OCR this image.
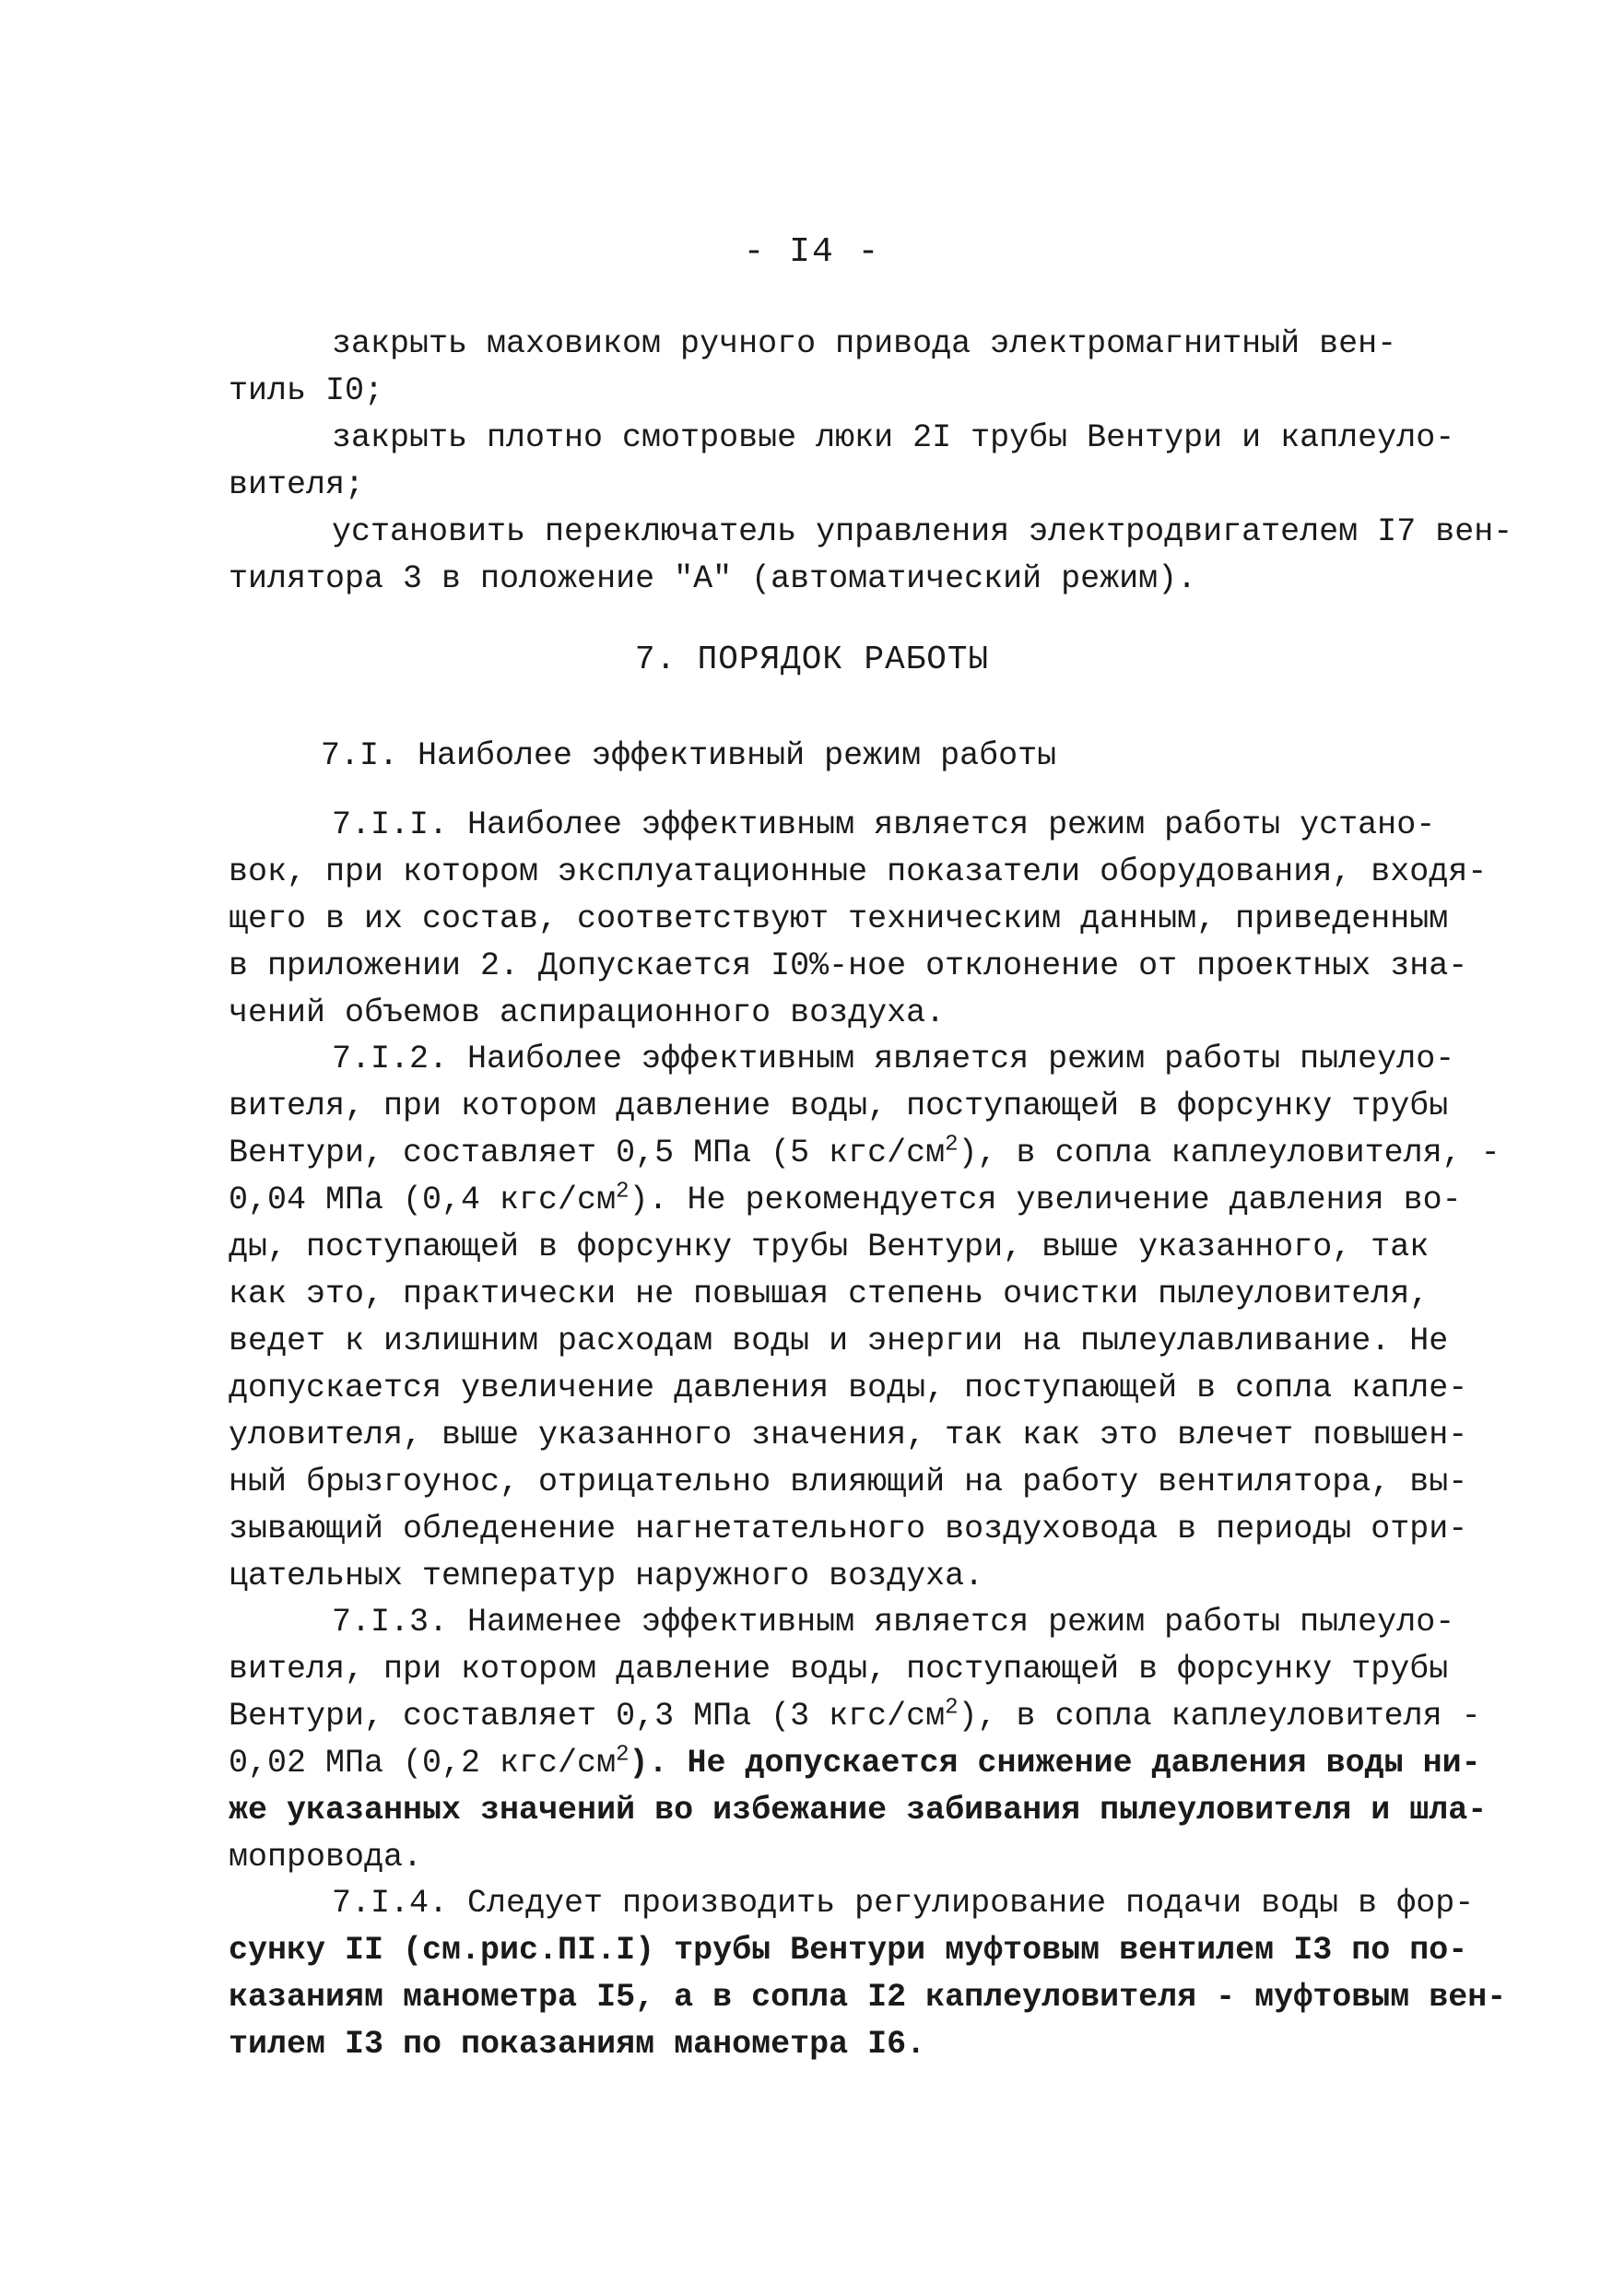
- I4 -
закрыть маховиком ручного привода электромагнитный вен-
тиль I0;
закрыть плотно смотровые люки 2I трубы Вентури и каплеуло-
вителя;
установить переключатель управления электродвигателем I7 вен-
тилятора 3 в положение "А" (автоматический режим).
7. ПОРЯДОК РАБОТЫ
7.I. Наиболее эффективный режим работы
7.I.I. Наиболее эффективным является режим работы устано-
вок, при котором эксплуатационные показатели оборудования, входя-
щего в их состав, соответствуют техническим данным, приведенным
в приложении 2. Допускается I0%-ное отклонение от проектных зна-
чений объемов аспирационного воздуха.
7.I.2. Наиболее эффективным является режим работы пылеуло-
вителя, при котором давление воды, поступающей в форсунку трубы
Вентури, составляет 0,5 МПа (5 кгс/$см^2$), в сопла каплеуловителя, -
0,04 МПа (0,4 кгс/$см^2$). Не рекомендуется увеличение давления во-
ды, поступающей в форсунку трубы Вентури, выше указанного, так
как это, практически не повышая степень очистки пылеуловителя,
ведет к излишним расходам воды и энергии на пылеулавливание. Не
допускается увеличение давления воды, поступающей в сопла капле-
уловителя, выше указанного значения, так как это влечет повышен-
ный брызгоунос, отрицательно влияющий на работу вентилятора, вы-
зывающий обледенение нагнетательного воздуховода в периоды отри-
цательных температур наружного воздуха.
7.I.3. Наименее эффективным является режим работы пылеуло-
вителя, при котором давление воды, поступающей в форсунку трубы
Вентури, составляет 0,3 МПа (3 кгс/$см^2$), в сопла каплеуловителя -
0,02 МПа (0,2 кгс/$см^2$). Не допускается снижение давления воды ни-
же указанных значений во избежание забивания пылеуловителя и шла-
мопровода.
7.I.4. Следует производить регулирование подачи воды в фор-
сунку II (см.рис.ПI.I) трубы Вентури муфтовым вентилем I3 по по-
казаниям манометра I5, а в сопла I2 каплеуловителя - муфтовым вен-
тилем I3 по показаниям манометра I6.
